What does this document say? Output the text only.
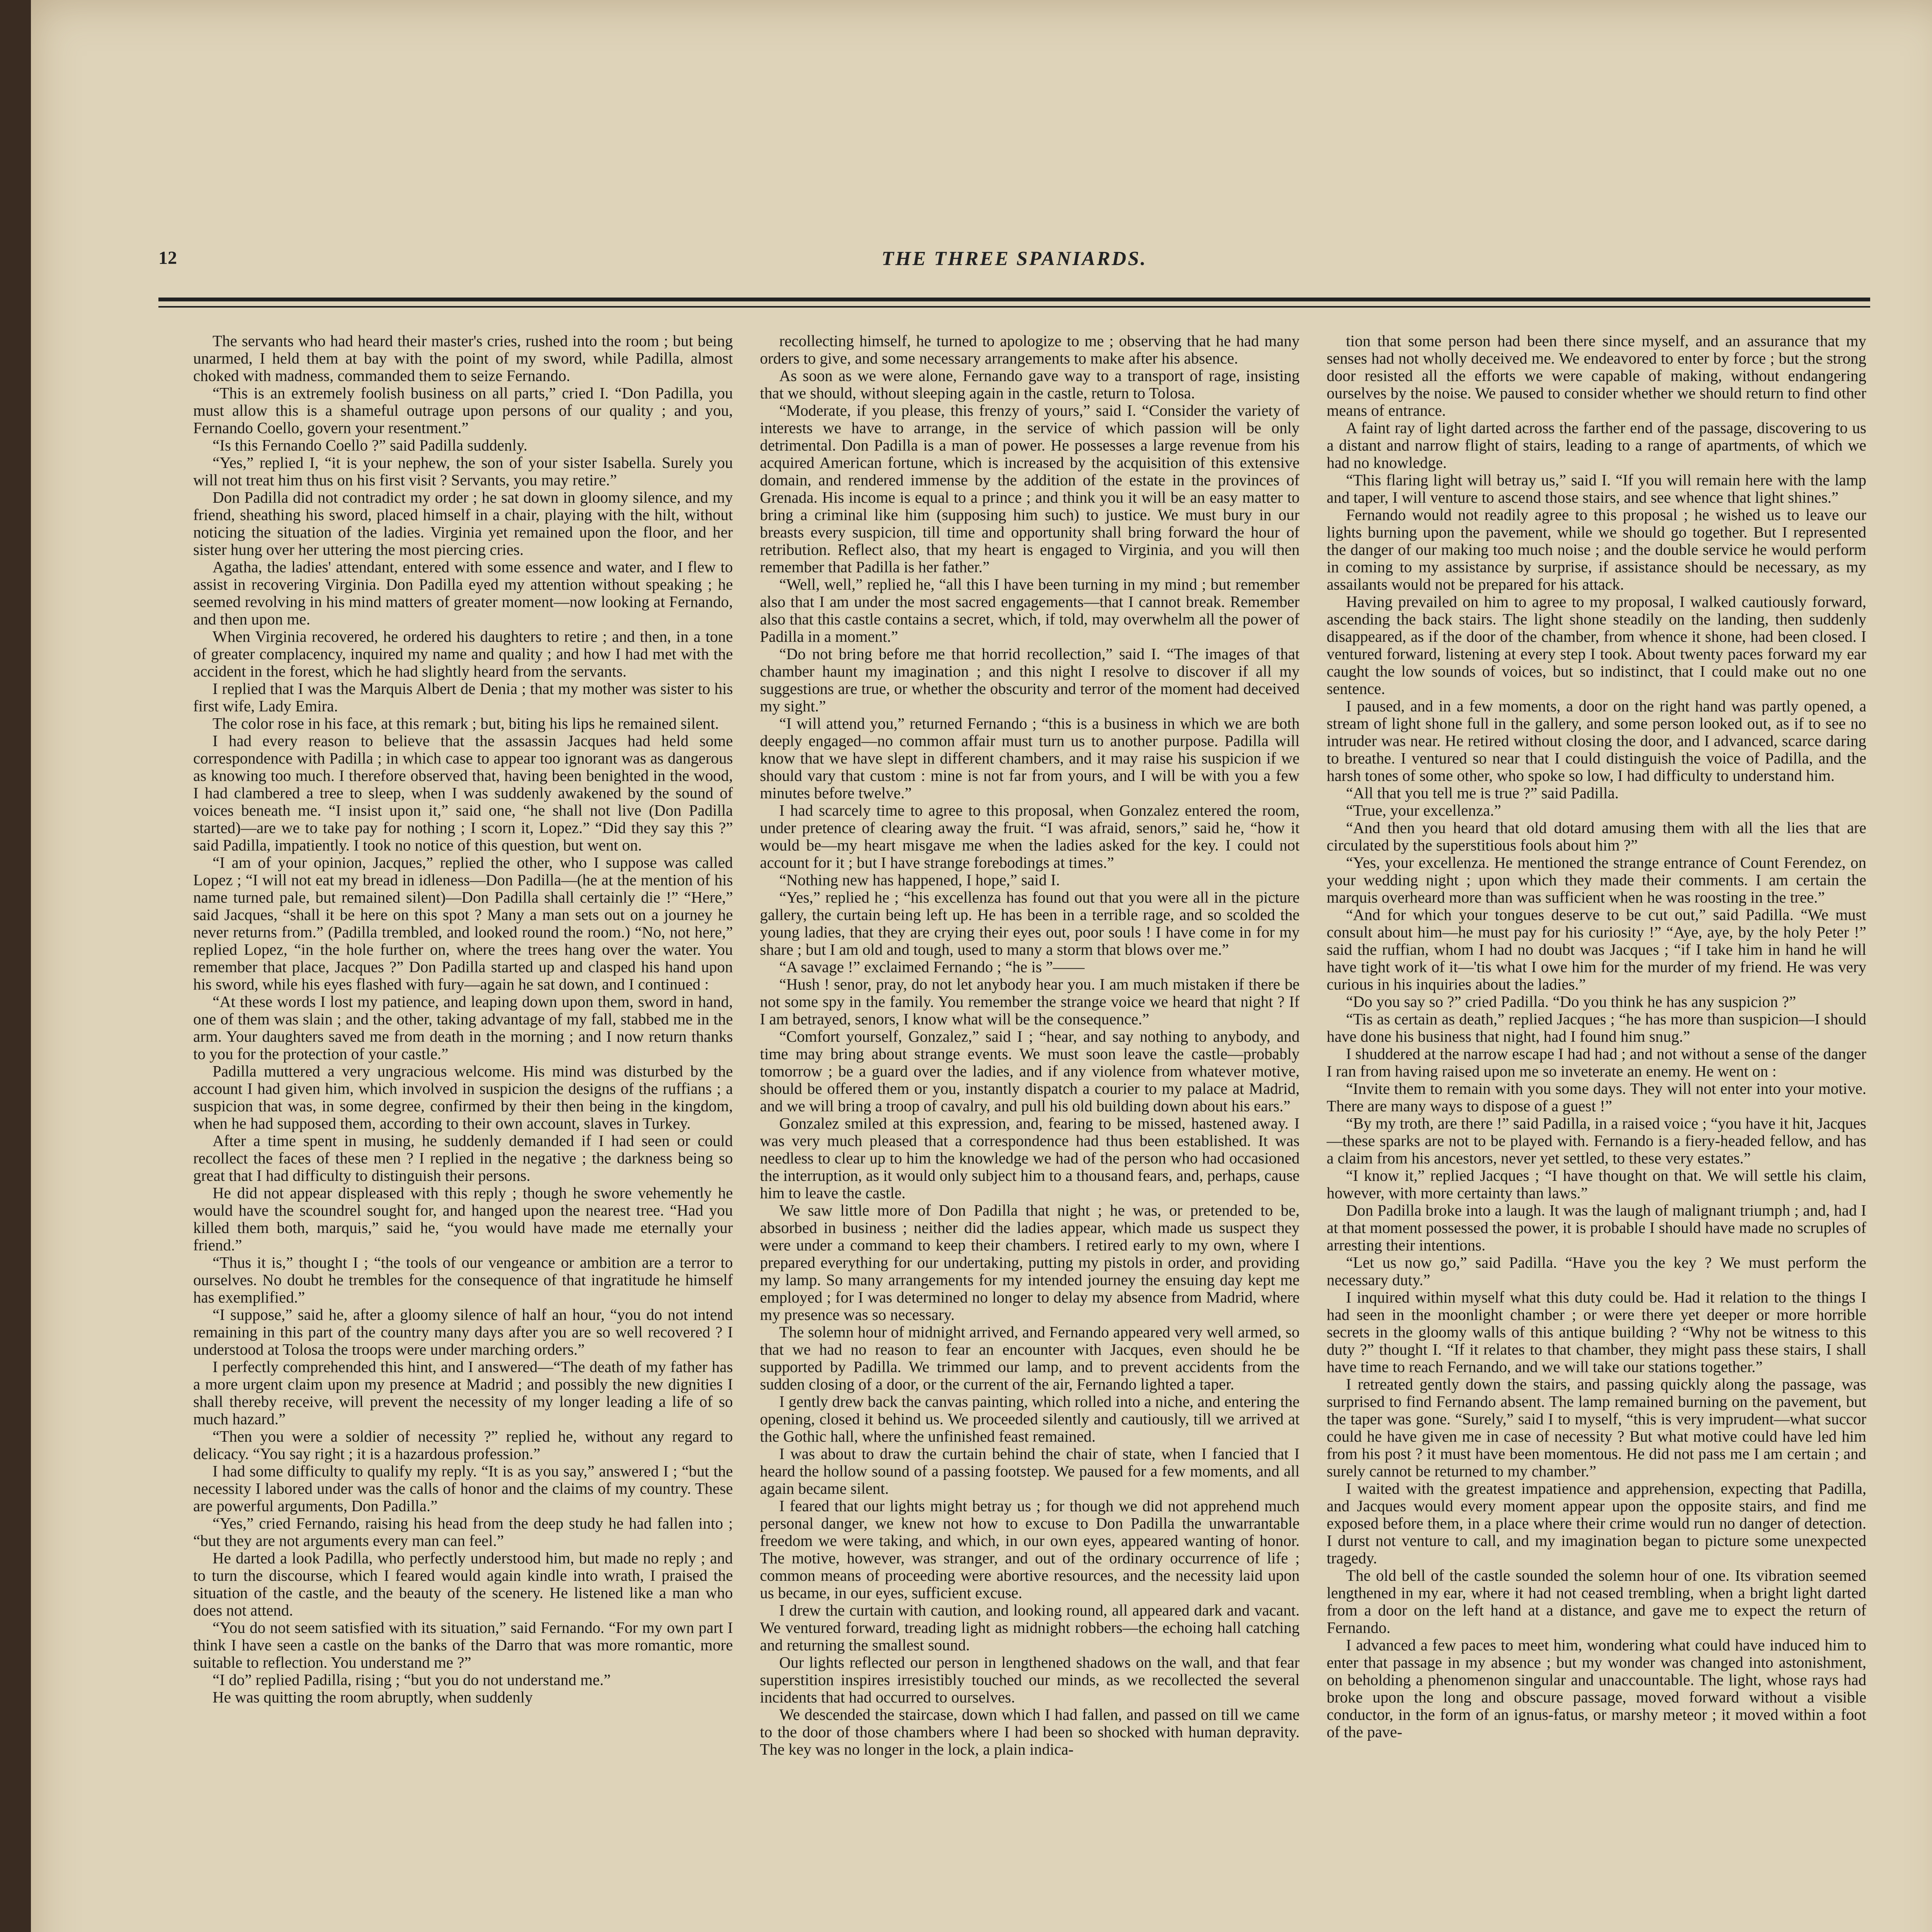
12	THE THREE SPANIARDS.

The servants who had heard their master's cries, rushed into the room ; but being unarmed, I held them at bay with the point of my sword, while Padilla, almost choked with madness, commanded them to seize Fernando.

“This is an extremely foolish business on all parts,” cried I. “Don Padilla, you must allow this is a shameful outrage upon persons of our quality ; and you, Fernando Coello, govern your resentment.”

“Is this Fernando Coello ?” said Padilla suddenly.

“Yes,” replied I, “it is your nephew, the son of your sister Isabella. Surely you will not treat him thus on his first visit ? Servants, you may retire.”

Don Padilla did not contradict my order ; he sat down in gloomy silence, and my friend, sheathing his sword, placed himself in a chair, playing with the hilt, without noticing the situation of the ladies. Virginia yet remained upon the floor, and her sister hung over her uttering the most piercing cries.

Agatha, the ladies' attendant, entered with some essence and water, and I flew to assist in recovering Virginia. Don Padilla eyed my attention without speaking ; he seemed revolving in his mind matters of greater moment—now looking at Fernando, and then upon me.

When Virginia recovered, he ordered his daughters to retire ; and then, in a tone of greater complacency, inquired my name and quality ; and how I had met with the accident in the forest, which he had slightly heard from the servants.

I replied that I was the Marquis Albert de Denia ; that my mother was sister to his first wife, Lady Emira.

The color rose in his face, at this remark ; but, biting his lips he remained silent.

I had every reason to believe that the assassin Jacques had held some correspondence with Padilla ; in which case to appear too ignorant was as dangerous as knowing too much. I therefore observed that, having been benighted in the wood, I had clambered a tree to sleep, when I was suddenly awakened by the sound of voices beneath me. “I insist upon it,” said one, “he shall not live (Don Padilla started)—are we to take pay for nothing ; I scorn it, Lopez.” “Did they say this ?” said Padilla, impatiently. I took no notice of this question, but went on.

“I am of your opinion, Jacques,” replied the other, who I suppose was called Lopez ; “I will not eat my bread in idleness—Don Padilla—(he at the mention of his name turned pale, but remained silent)—Don Padilla shall certainly die !” “Here,” said Jacques, “shall it be here on this spot ? Many a man sets out on a journey he never returns from.” (Padilla trembled, and looked round the room.) “No, not here,” replied Lopez, “in the hole further on, where the trees hang over the water. You remember that place, Jacques ?” Don Padilla started up and clasped his hand upon his sword, while his eyes flashed with fury—again he sat down, and I continued :

“At these words I lost my patience, and leaping down upon them, sword in hand, one of them was slain ; and the other, taking advantage of my fall, stabbed me in the arm. Your daughters saved me from death in the morning ; and I now return thanks to you for the protection of your castle.”

Padilla muttered a very ungracious welcome. His mind was disturbed by the account I had given him, which involved in suspicion the designs of the ruffians ; a suspicion that was, in some degree, confirmed by their then being in the kingdom, when he had supposed them, according to their own account, slaves in Turkey.

After a time spent in musing, he suddenly demanded if I had seen or could recollect the faces of these men ? I replied in the negative ; the darkness being so great that I had difficulty to distinguish their persons.

He did not appear displeased with this reply ; though he swore vehemently he would have the scoundrel sought for, and hanged upon the nearest tree. “Had you killed them both, marquis,” said he, “you would have made me eternally your friend.”

“Thus it is,” thought I ; “the tools of our vengeance or ambition are a terror to ourselves. No doubt he trembles for the consequence of that ingratitude he himself has exemplified.”

“I suppose,” said he, after a gloomy silence of half an hour, “you do not intend remaining in this part of the country many days after you are so well recovered ? I understood at Tolosa the troops were under marching orders.”

I perfectly comprehended this hint, and I answered—“The death of my father has a more urgent claim upon my presence at Madrid ; and possibly the new dignities I shall thereby receive, will prevent the necessity of my longer leading a life of so much hazard.”

“Then you were a soldier of necessity ?” replied he, without any regard to delicacy. “You say right ; it is a hazardous profession.”

I had some difficulty to qualify my reply. “It is as you say,” answered I ; “but the necessity I labored under was the calls of honor and the claims of my country. These are powerful arguments, Don Padilla.”

“Yes,” cried Fernando, raising his head from the deep study he had fallen into ; “but they are not arguments every man can feel.”

He darted a look Padilla, who perfectly understood him, but made no reply ; and to turn the discourse, which I feared would again kindle into wrath, I praised the situation of the castle, and the beauty of the scenery. He listened like a man who does not attend.

“You do not seem satisfied with its situation,” said Fernando. “For my own part I think I have seen a castle on the banks of the Darro that was more romantic, more suitable to reflection. You understand me ?”

“I do” replied Padilla, rising ; “but you do not understand me.”

He was quitting the room abruptly, when suddenly

recollecting himself, he turned to apologize to me ; observing that he had many orders to give, and some necessary arrangements to make after his absence.

As soon as we were alone, Fernando gave way to a transport of rage, insisting that we should, without sleeping again in the castle, return to Tolosa.

“Moderate, if you please, this frenzy of yours,” said I. “Consider the variety of interests we have to arrange, in the service of which passion will be only detrimental. Don Padilla is a man of power. He possesses a large revenue from his acquired American fortune, which is increased by the acquisition of this extensive domain, and rendered immense by the addition of the estate in the provinces of Grenada. His income is equal to a prince ; and think you it will be an easy matter to bring a criminal like him (supposing him such) to justice. We must bury in our breasts every suspicion, till time and opportunity shall bring forward the hour of retribution. Reflect also, that my heart is engaged to Virginia, and you will then remember that Padilla is her father.”

“Well, well,” replied he, “all this I have been turning in my mind ; but remember also that I am under the most sacred engagements—that I cannot break. Remember also that this castle contains a secret, which, if told, may overwhelm all the power of Padilla in a moment.”

“Do not bring before me that horrid recollection,” said I. “The images of that chamber haunt my imagination ; and this night I resolve to discover if all my suggestions are true, or whether the obscurity and terror of the moment had deceived my sight.”

“I will attend you,” returned Fernando ; “this is a business in which we are both deeply engaged—no common affair must turn us to another purpose. Padilla will know that we have slept in different chambers, and it may raise his suspicion if we should vary that custom : mine is not far from yours, and I will be with you a few minutes before twelve.”

I had scarcely time to agree to this proposal, when Gonzalez entered the room, under pretence of clearing away the fruit. “I was afraid, senors,” said he, “how it would be—my heart misgave me when the ladies asked for the key. I could not account for it ; but I have strange forebodings at times.”

“Nothing new has happened, I hope,” said I.

“Yes,” replied he ; “his excellenza has found out that you were all in the picture gallery, the curtain being left up. He has been in a terrible rage, and so scolded the young ladies, that they are crying their eyes out, poor souls ! I have come in for my share ; but I am old and tough, used to many a storm that blows over me.”

“A savage !” exclaimed Fernando ; “he is ”——

“Hush ! senor, pray, do not let anybody hear you. I am much mistaken if there be not some spy in the family. You remember the strange voice we heard that night ? If I am betrayed, senors, I know what will be the consequence.”

“Comfort yourself, Gonzalez,” said I ; “hear, and say nothing to anybody, and time may bring about strange events. We must soon leave the castle—probably tomorrow ; be a guard over the ladies, and if any violence from whatever motive, should be offered them or you, instantly dispatch a courier to my palace at Madrid, and we will bring a troop of cavalry, and pull his old building down about his ears.”

Gonzalez smiled at this expression, and, fearing to be missed, hastened away. I was very much pleased that a correspondence had thus been established. It was needless to clear up to him the knowledge we had of the person who had occasioned the interruption, as it would only subject him to a thousand fears, and, perhaps, cause him to leave the castle.

We saw little more of Don Padilla that night ; he was, or pretended to be, absorbed in business ; neither did the ladies appear, which made us suspect they were under a command to keep their chambers. I retired early to my own, where I prepared everything for our undertaking, putting my pistols in order, and providing my lamp. So many arrangements for my intended journey the ensuing day kept me employed ; for I was determined no longer to delay my absence from Madrid, where my presence was so necessary.

The solemn hour of midnight arrived, and Fernando appeared very well armed, so that we had no reason to fear an encounter with Jacques, even should he be supported by Padilla. We trimmed our lamp, and to prevent accidents from the sudden closing of a door, or the current of the air, Fernando lighted a taper.

I gently drew back the canvas painting, which rolled into a niche, and entering the opening, closed it behind us. We proceeded silently and cautiously, till we arrived at the Gothic hall, where the unfinished feast remained.

I was about to draw the curtain behind the chair of state, when I fancied that I heard the hollow sound of a passing footstep. We paused for a few moments, and all again became silent.

I feared that our lights might betray us ; for though we did not apprehend much personal danger, we knew not how to excuse to Don Padilla the unwarrantable freedom we were taking, and which, in our own eyes, appeared wanting of honor. The motive, however, was stranger, and out of the ordinary occurrence of life ; common means of proceeding were abortive resources, and the necessity laid upon us became, in our eyes, sufficient excuse.

I drew the curtain with caution, and looking round, all appeared dark and vacant. We ventured forward, treading light as midnight robbers—the echoing hall catching and returning the smallest sound.

Our lights reflected our person in lengthened shadows on the wall, and that fear superstition inspires irresistibly touched our minds, as we recollected the several incidents that had occurred to ourselves.

We descended the staircase, down which I had fallen, and passed on till we came to the door of those chambers where I had been so shocked with human depravity. The key was no longer in the lock, a plain indica-

tion that some person had been there since myself, and an assurance that my senses had not wholly deceived me. We endeavored to enter by force ; but the strong door resisted all the efforts we were capable of making, without endangering ourselves by the noise. We paused to consider whether we should return to find other means of entrance.

A faint ray of light darted across the farther end of the passage, discovering to us a distant and narrow flight of stairs, leading to a range of apartments, of which we had no knowledge.

“This flaring light will betray us,” said I. “If you will remain here with the lamp and taper, I will venture to ascend those stairs, and see whence that light shines.”

Fernando would not readily agree to this proposal ; he wished us to leave our lights burning upon the pavement, while we should go together. But I represented the danger of our making too much noise ; and the double service he would perform in coming to my assistance by surprise, if assistance should be necessary, as my assailants would not be prepared for his attack.

Having prevailed on him to agree to my proposal, I walked cautiously forward, ascending the back stairs. The light shone steadily on the landing, then suddenly disappeared, as if the door of the chamber, from whence it shone, had been closed. I ventured forward, listening at every step I took. About twenty paces forward my ear caught the low sounds of voices, but so indistinct, that I could make out no one sentence.

I paused, and in a few moments, a door on the right hand was partly opened, a stream of light shone full in the gallery, and some person looked out, as if to see no intruder was near. He retired without closing the door, and I advanced, scarce daring to breathe. I ventured so near that I could distinguish the voice of Padilla, and the harsh tones of some other, who spoke so low, I had difficulty to understand him.

“All that you tell me is true ?” said Padilla.

“True, your excellenza.”

“And then you heard that old dotard amusing them with all the lies that are circulated by the superstitious fools about him ?”

“Yes, your excellenza. He mentioned the strange entrance of Count Ferendez, on your wedding night ; upon which they made their comments. I am certain the marquis overheard more than was sufficient when he was roosting in the tree.”

“And for which your tongues deserve to be cut out,” said Padilla. “We must consult about him—he must pay for his curiosity !” “Aye, aye, by the holy Peter !” said the ruffian, whom I had no doubt was Jacques ; “if I take him in hand he will have tight work of it—'tis what I owe him for the murder of my friend. He was very curious in his inquiries about the ladies.”

“Do you say so ?” cried Padilla. “Do you think he has any suspicion ?”

“Tis as certain as death,” replied Jacques ; “he has more than suspicion—I should have done his business that night, had I found him snug.”

I shuddered at the narrow escape I had had ; and not without a sense of the danger I ran from having raised upon me so inveterate an enemy. He went on :

“Invite them to remain with you some days. They will not enter into your motive. There are many ways to dispose of a guest !”

“By my troth, are there !” said Padilla, in a raised voice ; “you have it hit, Jacques—these sparks are not to be played with. Fernando is a fiery-headed fellow, and has a claim from his ancestors, never yet settled, to these very estates.”

“I know it,” replied Jacques ; “I have thought on that. We will settle his claim, however, with more certainty than laws.”

Don Padilla broke into a laugh. It was the laugh of malignant triumph ; and, had I at that moment possessed the power, it is probable I should have made no scruples of arresting their intentions.

“Let us now go,” said Padilla. “Have you the key ? We must perform the necessary duty.”

I inquired within myself what this duty could be. Had it relation to the things I had seen in the moonlight chamber ; or were there yet deeper or more horrible secrets in the gloomy walls of this antique building ? “Why not be witness to this duty ?” thought I. “If it relates to that chamber, they might pass these stairs, I shall have time to reach Fernando, and we will take our stations together.”

I retreated gently down the stairs, and passing quickly along the passage, was surprised to find Fernando absent. The lamp remained burning on the pavement, but the taper was gone. “Surely,” said I to myself, “this is very imprudent—what succor could he have given me in case of necessity ? But what motive could have led him from his post ? it must have been momentous. He did not pass me I am certain ; and surely cannot be returned to my chamber.”

I waited with the greatest impatience and apprehension, expecting that Padilla, and Jacques would every moment appear upon the opposite stairs, and find me exposed before them, in a place where their crime would run no danger of detection. I durst not venture to call, and my imagination began to picture some unexpected tragedy.

The old bell of the castle sounded the solemn hour of one. Its vibration seemed lengthened in my ear, where it had not ceased trembling, when a bright light darted from a door on the left hand at a distance, and gave me to expect the return of Fernando.

I advanced a few paces to meet him, wondering what could have induced him to enter that passage in my absence ; but my wonder was changed into astonishment, on beholding a phenomenon singular and unaccountable. The light, whose rays had broke upon the long and obscure passage, moved forward without a visible conductor, in the form of an ignus-fatus, or marshy meteor ; it moved within a foot of the pave-
